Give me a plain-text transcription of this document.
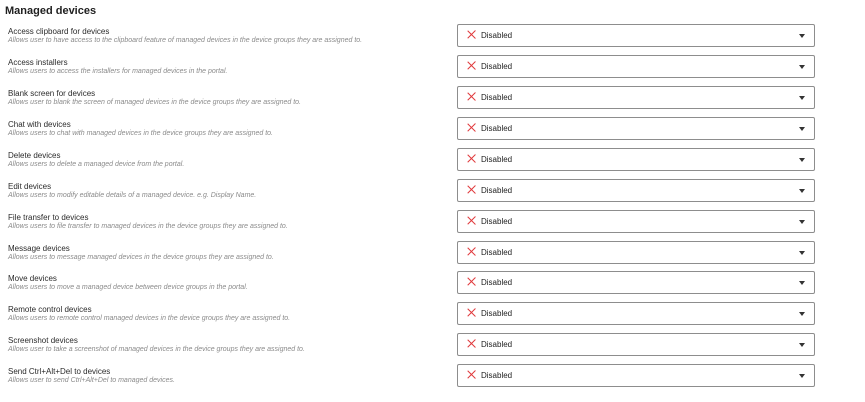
Managed devices
Access clipboard for devices
Allows user to have access to the clipboard feature of managed devices in the device groups they are assigned to.
Disabled
Access installers
Allows users to access the installers for managed devices in the portal.
Disabled
Blank screen for devices
Allows user to blank the screen of managed devices in the device groups they are assigned to.
Disabled
Chat with devices
Allows users to chat with managed devices in the device groups they are assigned to.
Disabled
Delete devices
Allows users to delete a managed device from the portal.
Disabled
Edit devices
Allows users to modify editable details of a managed device. e.g. Display Name.
Disabled
File transfer to devices
Allows users to file transfer to managed devices in the device groups they are assigned to.
Disabled
Message devices
Allows users to message managed devices in the device groups they are assigned to.
Disabled
Move devices
Allows users to move a managed device between device groups in the portal.
Disabled
Remote control devices
Allows users to remote control managed devices in the device groups they are assigned to.
Disabled
Screenshot devices
Allows user to take a screenshot of managed devices in the device groups they are assigned to.
Disabled
Send Ctrl+Alt+Del to devices
Allows user to send Ctrl+Alt+Del to managed devices.
Disabled
